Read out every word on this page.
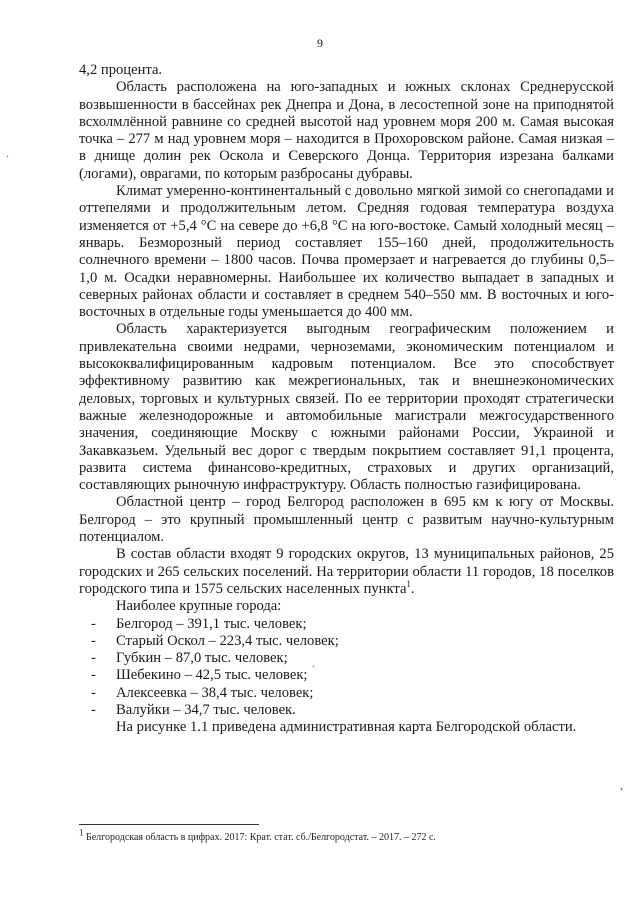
9

4,2 процента.

Область расположена на юго-западных и южных склонах Среднерусской возвышенности в бассейнах рек Днепра и Дона, в лесостепной зоне на приподнятой всхолмлённой равнине со средней высотой над уровнем моря 200 м. Самая высокая точка – 277 м над уровнем моря – находится в Прохоровском районе. Самая низкая – в днище долин рек Оскола и Северского Донца. Территория изрезана балками (логами), оврагами, по которым разбросаны дубравы.

Климат умеренно-континентальный с довольно мягкой зимой со снегопадами и оттепелями и продолжительным летом. Средняя годовая температура воздуха изменяется от +5,4 °С на севере до +6,8 °С на юго-востоке. Самый холодный месяц – январь. Безморозный период составляет 155–160 дней, продолжительность солнечного времени – 1800 часов. Почва промерзает и нагревается до глубины 0,5–1,0 м. Осадки неравномерны. Наибольшее их количество выпадает в западных и северных районах области и составляет в среднем 540–550 мм. В восточных и юго-восточных в отдельные годы уменьшается до 400 мм.

Область характеризуется выгодным географическим положением и привлекательна своими недрами, черноземами, экономическим потенциалом и высококвалифицированным кадровым потенциалом. Все это способствует эффективному развитию как межрегиональных, так и внешнеэкономических деловых, торговых и культурных связей. По ее территории проходят стратегически важные железнодорожные и автомобильные магистрали межгосударственного значения, соединяющие Москву с южными районами России, Украиной и Закавказьем. Удельный вес дорог с твердым покрытием составляет 91,1 процента, развита система финансово-кредитных, страховых и других организаций, составляющих рыночную инфраструктуру. Область полностью газифицирована.

Областной центр – город Белгород расположен в 695 км к югу от Москвы. Белгород – это крупный промышленный центр с развитым научно-культурным потенциалом.

В состав области входят 9 городских округов, 13 муниципальных районов, 25 городских и 265 сельских поселений. На территории области 11 городов, 18 поселков городского типа и 1575 сельских населенных пункта$^1$.

Наиболее крупные города:

- Белгород – 391,1 тыс. человек;
- Старый Оскол – 223,4 тыс. человек;
- Губкин – 87,0 тыс. человек;
- Шебекино – 42,5 тыс. человек;
- Алексеевка – 38,4 тыс. человек;
- Валуйки – 34,7 тыс. человек.

На рисунке 1.1 приведена административная карта Белгородской области.

$^1$ Белгородская область в цифрах. 2017: Крат. стат. сб./Белгородстат. – 2017. – 272 с.
.
.
,
